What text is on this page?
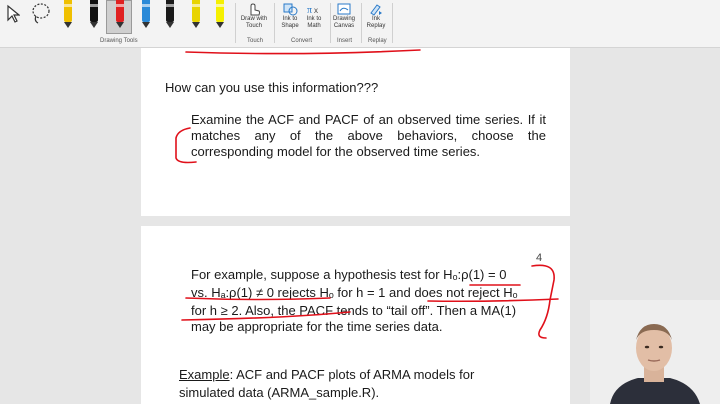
Drawing Tools
Draw with Touch
Touch
Ink to Shape
π x
Ink to Math
Convert
Drawing Canvas
Insert
Ink Replay
Replay
How can you use this information???
Examine the ACF and PACF of an observed time series. If it matches any of the above behaviors, choose the corresponding model for the observed time series.
4
For example, suppose a hypothesis test for Hₒ:ρ(1) = 0
vs. Hₐ:ρ(1) ≠ 0 rejects Hₒ for h = 1 and does not reject Hₒ
for h ≥ 2. Also, the PACF tends to “tail off”. Then a MA(1)
may be appropriate for the time series data.
Example: ACF and PACF plots of ARMA models for
simulated data (ARMA_sample.R).
